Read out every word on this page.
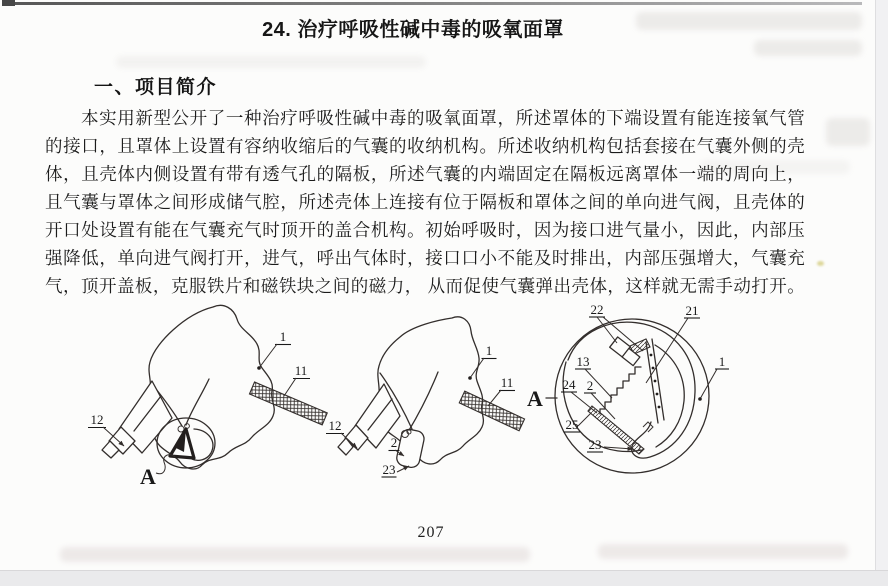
24. 治疗呼吸性碱中毒的吸氧面罩
一、项目简介
本实用新型公开了一种治疗呼吸性碱中毒的吸氧面罩，所述罩体的下端设置有能连接氧气管
的接口，且罩体上设置有容纳收缩后的气囊的收纳机构。所述收纳机构包括套接在气囊外侧的壳
体，且壳体内侧设置有带有透气孔的隔板，所述气囊的内端固定在隔板远离罩体一端的周向上，
且气囊与罩体之间形成储气腔，所述壳体上连接有位于隔板和罩体之间的单向进气阀，且壳体的
开口处设置有能在气囊充气时顶开的盖合机构。初始呼吸时，因为接口进气量小，因此，内部压
强降低，单向进气阀打开，进气，呼出气体时，接口口小不能及时排出，内部压强增大，气囊充
气，顶开盖板，克服铁片和磁铁块之间的磁力， 从而促使气囊弹出壳体，这样就无需手动打开。
1
11
12
A
1
11
12
2
23
A
22	21
13
24 2
25
23
1
207
